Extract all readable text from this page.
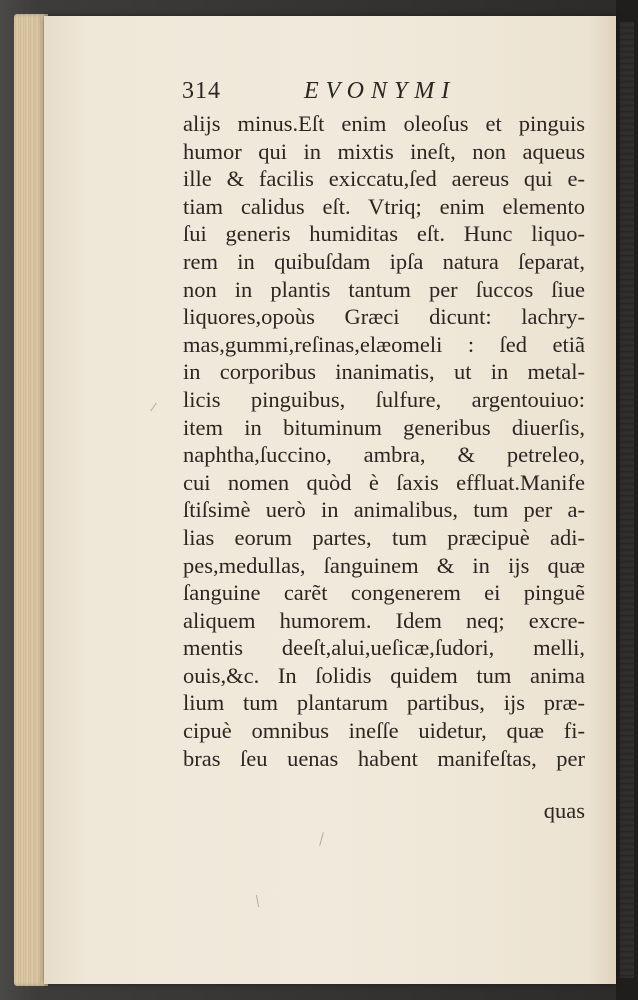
314	EVONYMI
alijs minus.Eſt enim oleoſus et pinguis
humor qui in mixtis ineſt, non aqueus
ille & facilis exiccatu,ſed aereus qui e-
tiam calidus eſt. Vtriq; enim elemento
ſui generis humiditas eſt. Hunc liquo-
rem in quibuſdam ipſa natura ſeparat,
non in plantis tantum per ſuccos ſiue
liquores,opoùs Græci dicunt: lachry-
mas,gummi,reſinas,elæomeli : ſed etiã
in corporibus inanimatis, ut in metal-
licis pinguibus, ſulfure, argentouiuo:
item in bituminum generibus diuerſis,
naphtha,ſuccino, ambra, & petreleo,
cui nomen quòd è ſaxis effluat.Manife
ſtiſsimè uerò in animalibus, tum per a-
lias eorum partes, tum præcipuè adi-
pes,medullas, ſanguinem & in ijs quæ
ſanguine carẽt congenerem ei pinguẽ
aliquem humorem. Idem neq; excre-
mentis deeſt,alui,ueſicæ,ſudori, melli,
ouis,&c. In ſolidis quidem tum anima
lium tum plantarum partibus, ijs præ-
cipuè omnibus ineſſe uidetur, quæ fi-
bras ſeu uenas habent manifeſtas, per
quas
